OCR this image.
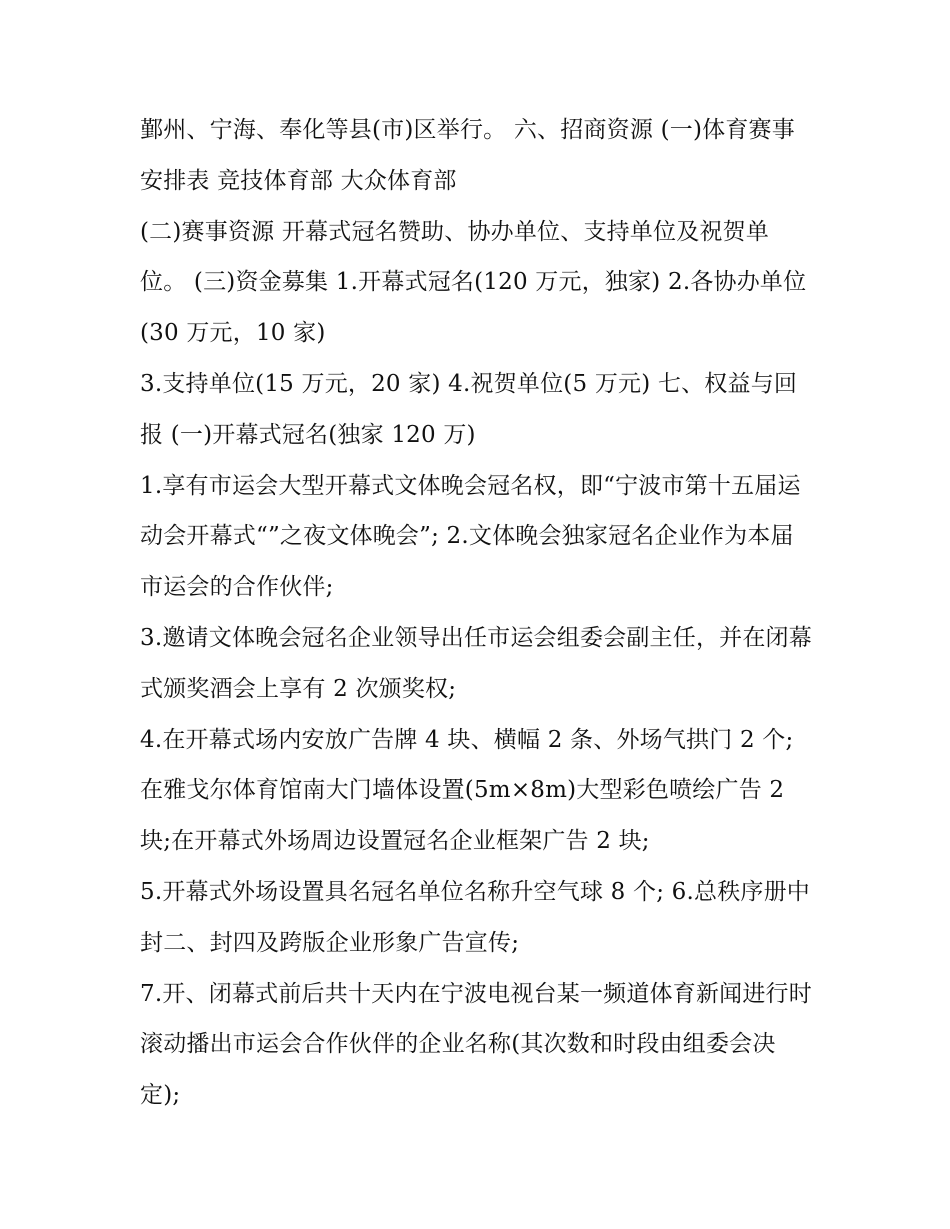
鄞州、宁海、奉化等县(市)区举行。 六、招商资源 (一)体育赛事安排表 竞技体育部 大众体育部

(二)赛事资源 开幕式冠名赞助、协办单位、支持单位及祝贺单位。 (三)资金募集 1.开幕式冠名(120 万元，独家) 2.各协办单位(30 万元，10 家)

3.支持单位(15 万元，20 家) 4.祝贺单位(5 万元) 七、权益与回报 (一)开幕式冠名(独家 120 万)

1.享有市运会大型开幕式文体晚会冠名权，即“宁波市第十五届运动会开幕式“”之夜文体晚会”; 2.文体晚会独家冠名企业作为本届市运会的合作伙伴;

3.邀请文体晚会冠名企业领导出任市运会组委会副主任，并在闭幕式颁奖酒会上享有 2 次颁奖权;

4.在开幕式场内安放广告牌 4 块、横幅 2 条、外场气拱门 2 个;在雅戈尔体育馆南大门墙体设置(5m×8m)大型彩色喷绘广告 2 块;在开幕式外场周边设置冠名企业框架广告 2 块;

5.开幕式外场设置具名冠名单位名称升空气球 8 个; 6.总秩序册中封二、封四及跨版企业形象广告宣传;

7.开、闭幕式前后共十天内在宁波电视台某一频道体育新闻进行时滚动播出市运会合作伙伴的企业名称(其次数和时段由组委会决定);
